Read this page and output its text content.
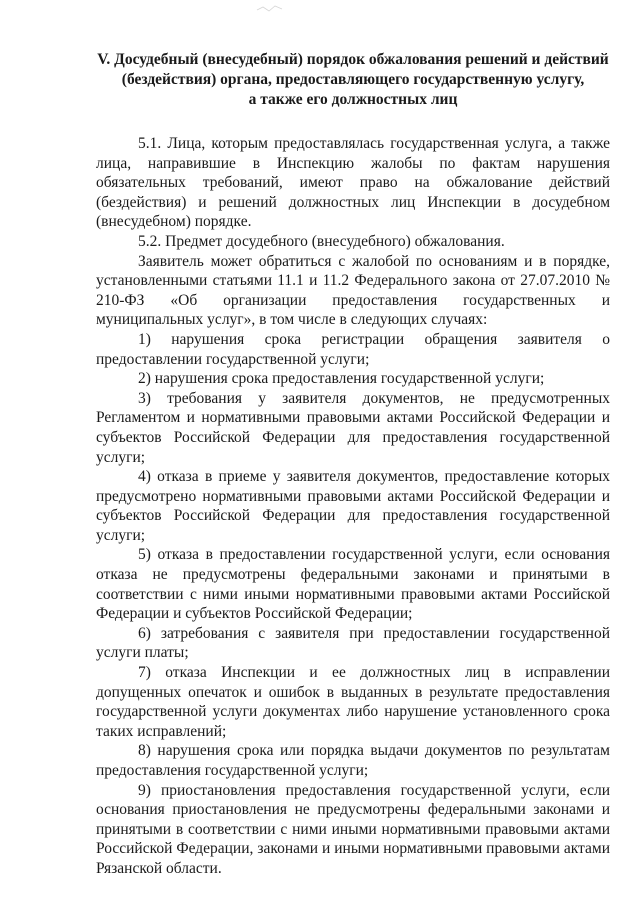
V. Досудебный (внесудебный) порядок обжалования решений и действий
(бездействия) органа, предоставляющего государственную услугу,
а также его должностных лиц

5.1. Лица, которым предоставлялась государственная услуга, а также лица, направившие в Инспекцию жалобы по фактам нарушения обязательных требований, имеют право на обжалование действий (бездействия) и решений должностных лиц Инспекции в досудебном (внесудебном) порядке.

5.2. Предмет досудебного (внесудебного) обжалования.

Заявитель может обратиться с жалобой по основаниям и в порядке, установленными статьями 11.1 и 11.2 Федерального закона от 27.07.2010 № 210-ФЗ «Об организации предоставления государственных и муниципальных услуг», в том числе в следующих случаях:

1) нарушения срока регистрации обращения заявителя о предоставлении государственной услуги;

2) нарушения срока предоставления государственной услуги;

3) требования у заявителя документов, не предусмотренных Регламентом и нормативными правовыми актами Российской Федерации и субъектов Российской Федерации для предоставления государственной услуги;

4) отказа в приеме у заявителя документов, предоставление которых предусмотрено нормативными правовыми актами Российской Федерации и субъектов Российской Федерации для предоставления государственной услуги;

5) отказа в предоставлении государственной услуги, если основания отказа не предусмотрены федеральными законами и принятыми в соответствии с ними иными нормативными правовыми актами Российской Федерации и субъектов Российской Федерации;

6) затребования с заявителя при предоставлении государственной услуги платы;

7) отказа Инспекции и ее должностных лиц в исправлении допущенных опечаток и ошибок в выданных в результате предоставления государственной услуги документах либо нарушение установленного срока таких исправлений;

8) нарушения срока или порядка выдачи документов по результатам предоставления государственной услуги;

9) приостановления предоставления государственной услуги, если основания приостановления не предусмотрены федеральными законами и принятыми в соответствии с ними иными нормативными правовыми актами Российской Федерации, законами и иными нормативными правовыми актами Рязанской области.
